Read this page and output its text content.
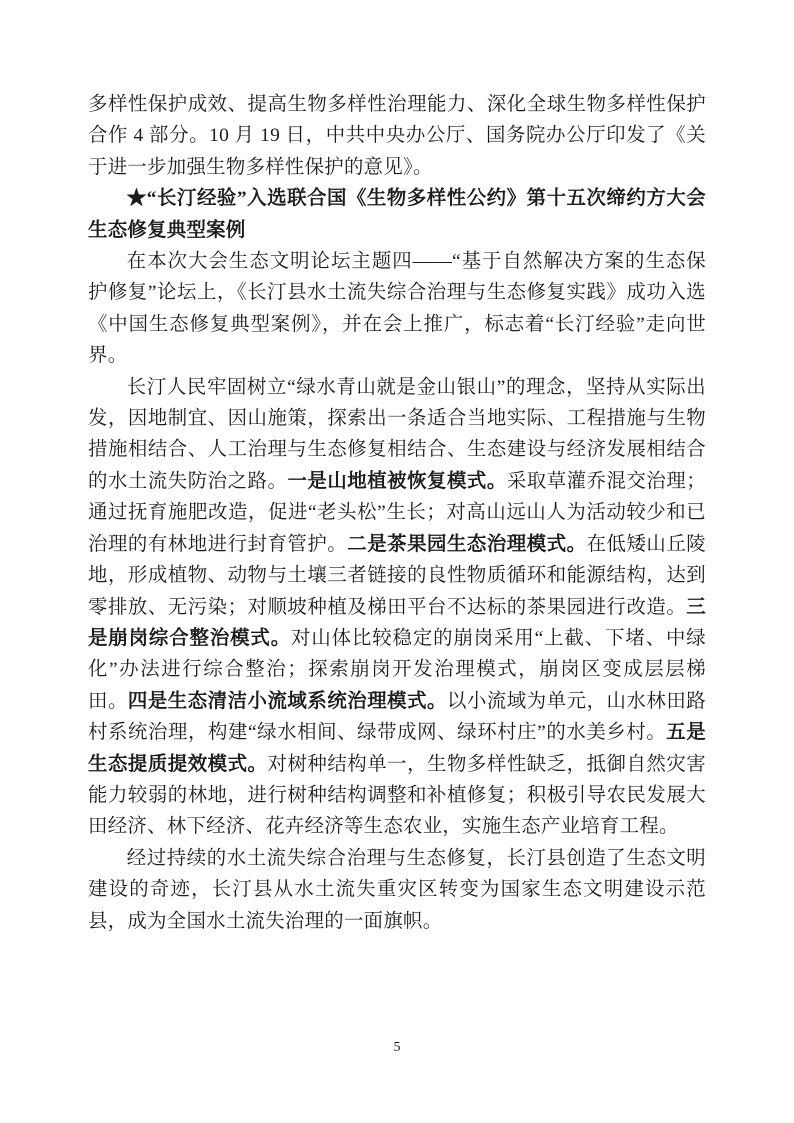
多样性保护成效、提高生物多样性治理能力、深化全球生物多样性保护合作 4 部分。10 月 19 日，中共中央办公厅、国务院办公厅印发了《关于进一步加强生物多样性保护的意见》。

★“长汀经验”入选联合国《生物多样性公约》第十五次缔约方大会生态修复典型案例

在本次大会生态文明论坛主题四——“基于自然解决方案的生态保护修复”论坛上，《长汀县水土流失综合治理与生态修复实践》成功入选《中国生态修复典型案例》，并在会上推广，标志着“长汀经验”走向世界。

长汀人民牢固树立“绿水青山就是金山银山”的理念，坚持从实际出发，因地制宜、因山施策，探索出一条适合当地实际、工程措施与生物措施相结合、人工治理与生态修复相结合、生态建设与经济发展相结合的水土流失防治之路。一是山地植被恢复模式。采取草灌乔混交治理；通过抚育施肥改造，促进“老头松”生长；对高山远山人为活动较少和已治理的有林地进行封育管护。二是茶果园生态治理模式。在低矮山丘陵地，形成植物、动物与土壤三者链接的良性物质循环和能源结构，达到零排放、无污染；对顺坡种植及梯田平台不达标的茶果园进行改造。三是崩岗综合整治模式。对山体比较稳定的崩岗采用“上截、下堵、中绿化”办法进行综合整治；探索崩岗开发治理模式，崩岗区变成层层梯田。四是生态清洁小流域系统治理模式。以小流域为单元，山水林田路村系统治理，构建“绿水相间、绿带成网、绿环村庄”的水美乡村。五是生态提质提效模式。对树种结构单一，生物多样性缺乏，抵御自然灾害能力较弱的林地，进行树种结构调整和补植修复；积极引导农民发展大田经济、林下经济、花卉经济等生态农业，实施生态产业培育工程。

经过持续的水土流失综合治理与生态修复，长汀县创造了生态文明建设的奇迹，长汀县从水土流失重灾区转变为国家生态文明建设示范县，成为全国水土流失治理的一面旗帜。

5
